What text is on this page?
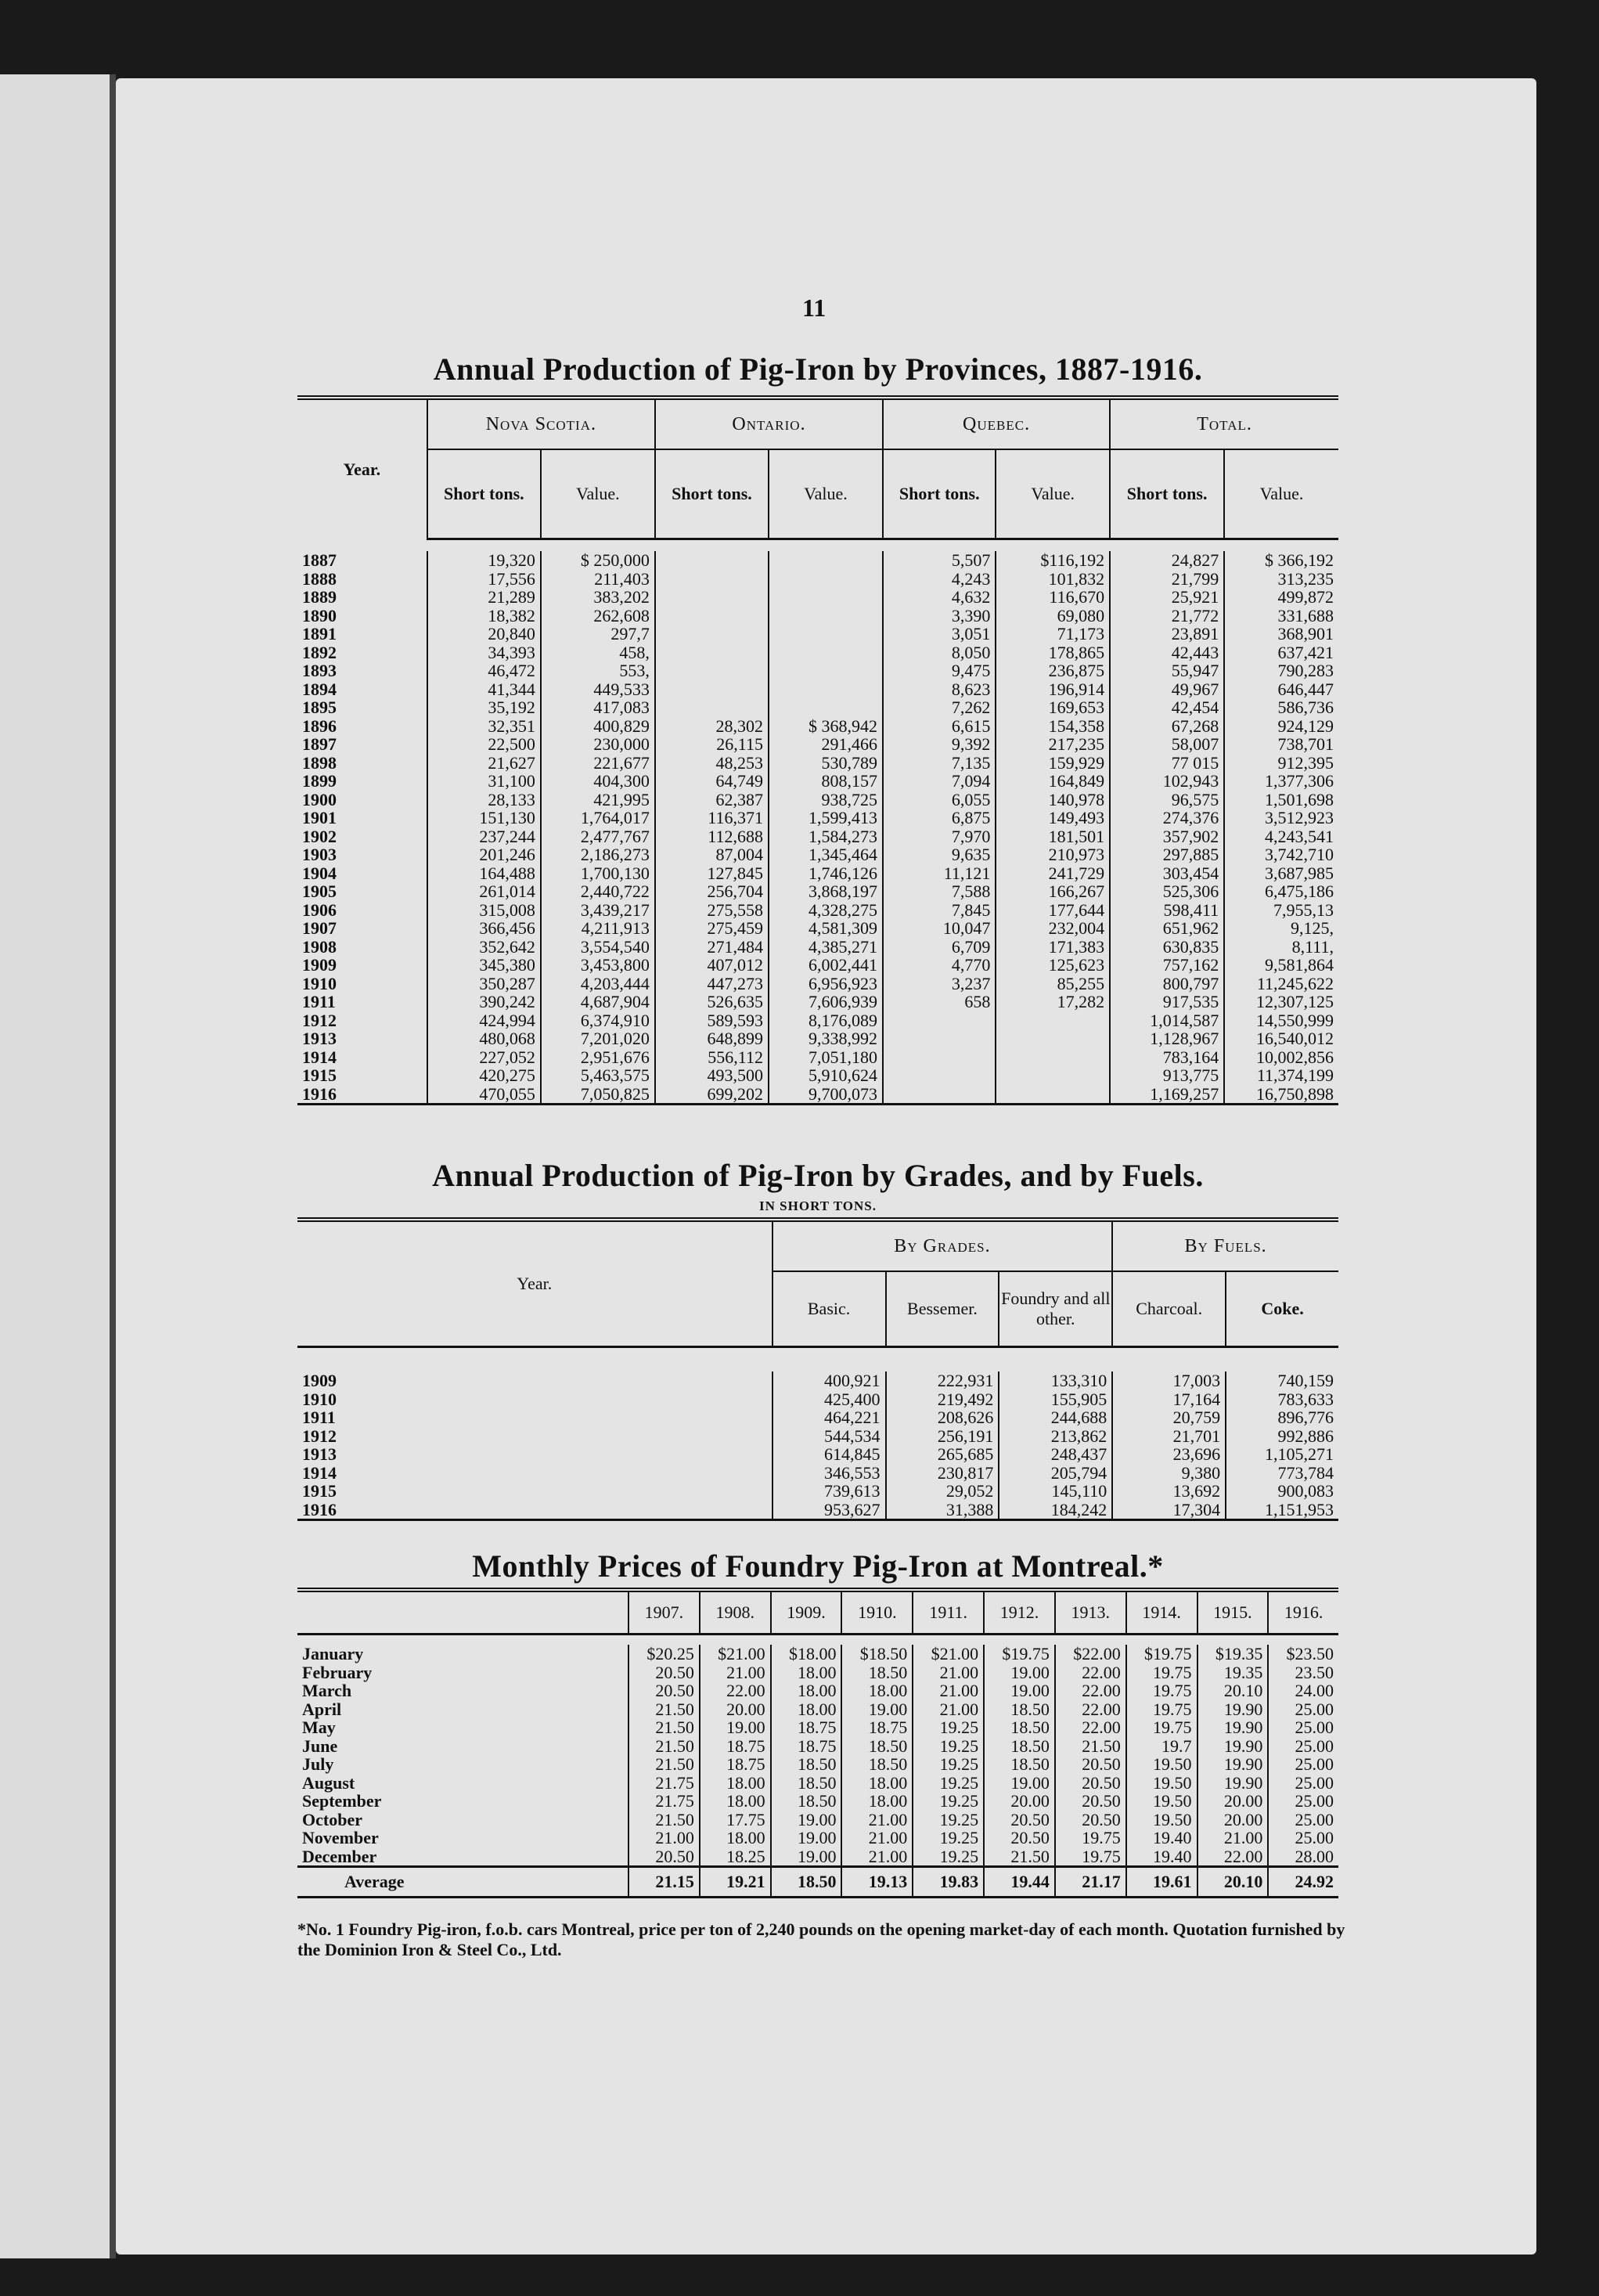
11
Annual Production of Pig-Iron by Provinces, 1887-1916.
Year.	Nova Scotia.		Ontario.		Quebec.		Total.	
	Short tons.	Value.	Short tons.	Value.	Short tons.	Value.	Short tons.	Value.

1887	19,320	$ 250,000			5,507	$116,192	24,827	$ 366,192
1888	17,556	211,403			4,243	101,832	21,799	313,235
1889	21,289	383,202			4,632	116,670	25,921	499,872
1890	18,382	262,608			3,390	69,080	21,772	331,688
1891	20,840	297,7			3,051	71,173	23,891	368,901
1892	34,393	458,			8,050	178,865	42,443	637,421
1893	46,472	553,			9,475	236,875	55,947	790,283
1894	41,344	449,533			8,623	196,914	49,967	646,447
1895	35,192	417,083			7,262	169,653	42,454	586,736
1896	32,351	400,829	28,302	$ 368,942	6,615	154,358	67,268	924,129
1897	22,500	230,000	26,115	291,466	9,392	217,235	58,007	738,701
1898	21,627	221,677	48,253	530,789	7,135	159,929	77 015	912,395
1899	31,100	404,300	64,749	808,157	7,094	164,849	102,943	1,377,306
1900	28,133	421,995	62,387	938,725	6,055	140,978	96,575	1,501,698
1901	151,130	1,764,017	116,371	1,599,413	6,875	149,493	274,376	3,512,923
1902	237,244	2,477,767	112,688	1,584,273	7,970	181,501	357,902	4,243,541
1903	201,246	2,186,273	87,004	1,345,464	9,635	210,973	297,885	3,742,710
1904	164,488	1,700,130	127,845	1,746,126	11,121	241,729	303,454	3,687,985
1905	261,014	2,440,722	256,704	3,868,197	7,588	166,267	525,306	6,475,186
1906	315,008	3,439,217	275,558	4,328,275	7,845	177,644	598,411	7,955,13
1907	366,456	4,211,913	275,459	4,581,309	10,047	232,004	651,962	9,125,
1908	352,642	3,554,540	271,484	4,385,271	6,709	171,383	630,835	8,111,
1909	345,380	3,453,800	407,012	6,002,441	4,770	125,623	757,162	9,581,864
1910	350,287	4,203,444	447,273	6,956,923	3,237	85,255	800,797	11,245,622
1911	390,242	4,687,904	526,635	7,606,939	658	17,282	917,535	12,307,125
1912	424,994	6,374,910	589,593	8,176,089			1,014,587	14,550,999
1913	480,068	7,201,020	648,899	9,338,992			1,128,967	16,540,012
1914	227,052	2,951,676	556,112	7,051,180			783,164	10,002,856
1915	420,275	5,463,575	493,500	5,910,624			913,775	11,374,199
1916	470,055	7,050,825	699,202	9,700,073			1,169,257	16,750,898

Annual Production of Pig-Iron by Grades, and by Fuels.
IN SHORT TONS.
Year.	By Grades.			By Fuels.	
	Basic.	Bessemer.	Foundry and all other.	Charcoal.	Coke.

1909	400,921	222,931	133,310	17,003	740,159
1910	425,400	219,492	155,905	17,164	783,633
1911	464,221	208,626	244,688	20,759	896,776
1912	544,534	256,191	213,862	21,701	992,886
1913	614,845	265,685	248,437	23,696	1,105,271
1914	346,553	230,817	205,794	9,380	773,784
1915	739,613	29,052	145,110	13,692	900,083
1916	953,627	31,388	184,242	17,304	1,151,953

Monthly Prices of Foundry Pig-Iron at Montreal.*
	1907.	1908.	1909.	1910.	1911.	1912.	1913.	1914.	1915.	1916.

January	$20.25	$21.00	$18.00	$18.50	$21.00	$19.75	$22.00	$19.75	$19.35	$23.50
February	20.50	21.00	18.00	18.50	21.00	19.00	22.00	19.75	19.35	23.50
March	20.50	22.00	18.00	18.00	21.00	19.00	22.00	19.75	20.10	24.00
April	21.50	20.00	18.00	19.00	21.00	18.50	22.00	19.75	19.90	25.00
May	21.50	19.00	18.75	18.75	19.25	18.50	22.00	19.75	19.90	25.00
June	21.50	18.75	18.75	18.50	19.25	18.50	21.50	19.7	19.90	25.00
July	21.50	18.75	18.50	18.50	19.25	18.50	20.50	19.50	19.90	25.00
August	21.75	18.00	18.50	18.00	19.25	19.00	20.50	19.50	19.90	25.00
September	21.75	18.00	18.50	18.00	19.25	20.00	20.50	19.50	20.00	25.00
October	21.50	17.75	19.00	21.00	19.25	20.50	20.50	19.50	20.00	25.00
November	21.00	18.00	19.00	21.00	19.25	20.50	19.75	19.40	21.00	25.00
December	20.50	18.25	19.00	21.00	19.25	21.50	19.75	19.40	22.00	28.00
Average	21.15	19.21	18.50	19.13	19.83	19.44	21.17	19.61	20.10	24.92

*No. 1 Foundry Pig-iron, f.o.b. cars Montreal, price per ton of 2,240 pounds on the opening market-day of each month. Quotation furnished by the Dominion Iron & Steel Co., Ltd.
